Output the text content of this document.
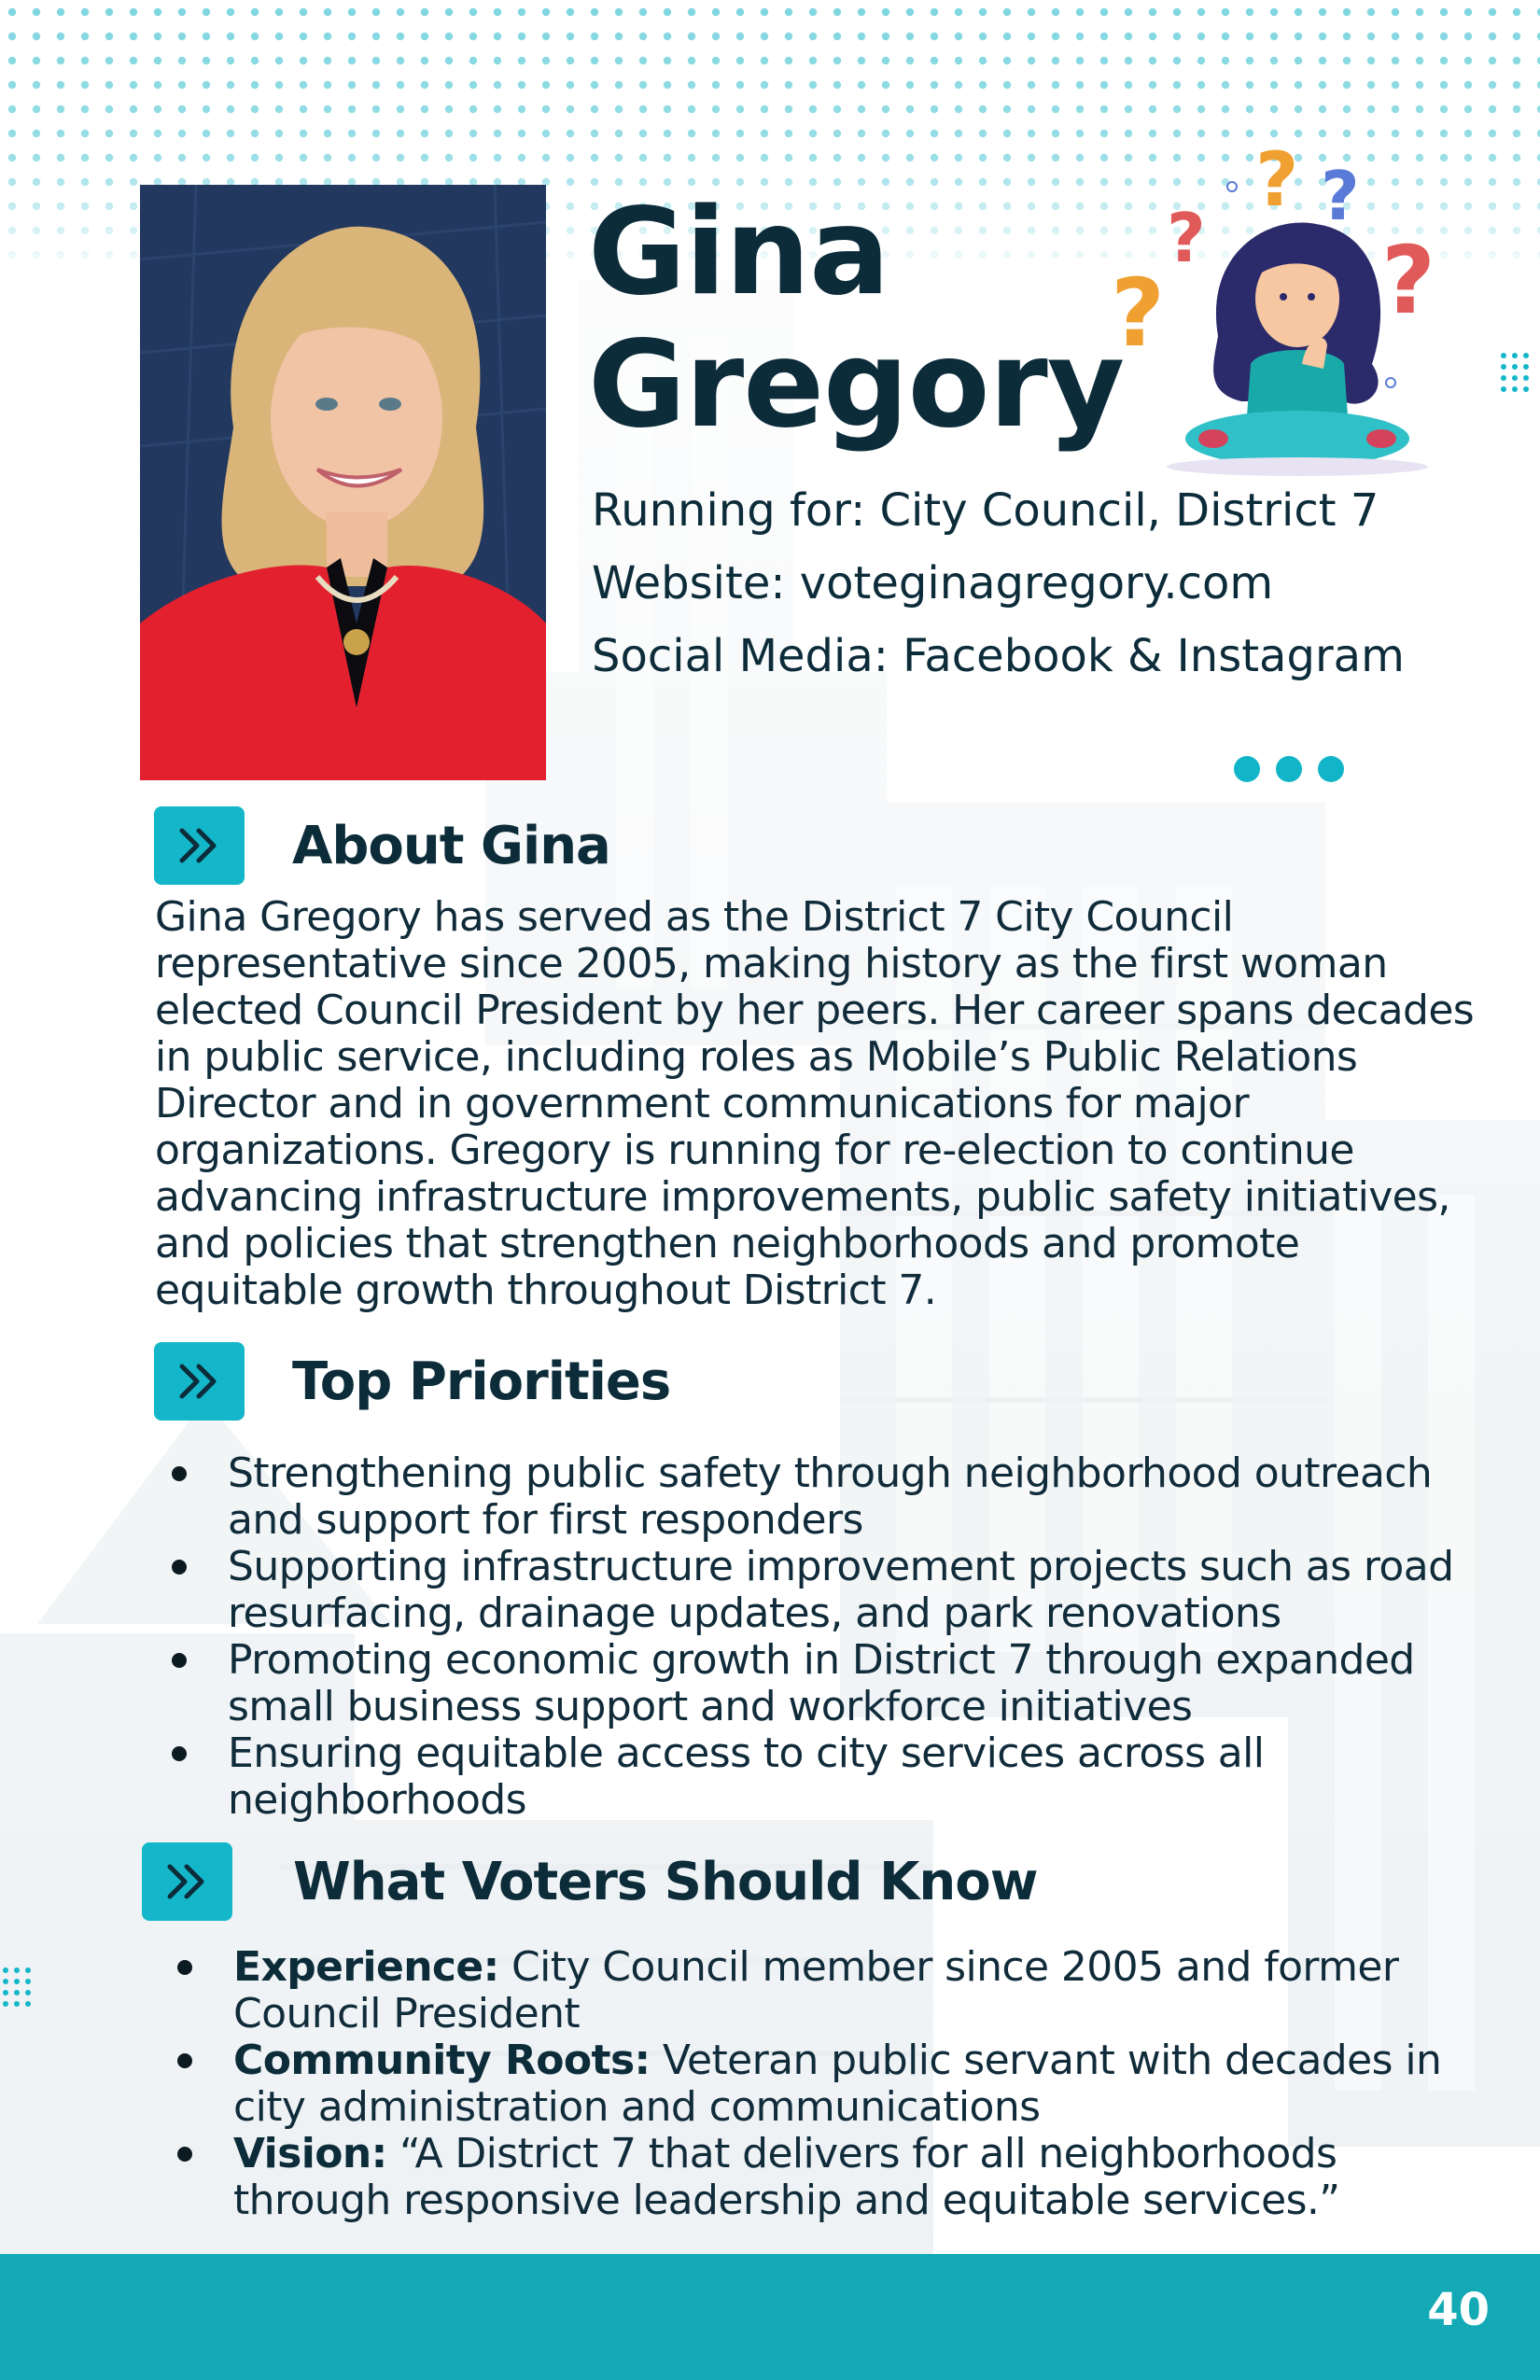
Gina
Gregory
Running for: City Council, District 7
Website: voteginagregory.com
Social Media: Facebook & Instagram
? ?
?
? ?
About Gina
Gina Gregory has served as the District 7 City Council
representative since 2005, making history as the first woman
elected Council President by her peers. Her career spans decades
in public service, including roles as Mobile’s Public Relations
Director and in government communications for major
organizations. Gregory is running for re-election to continue
advancing infrastructure improvements, public safety initiatives,
and policies that strengthen neighborhoods and promote
equitable growth throughout District 7.
Top Priorities
Strengthening public safety through neighborhood outreach
and support for first responders
Supporting infrastructure improvement projects such as road
resurfacing, drainage updates, and park renovations
Promoting economic growth in District 7 through expanded
small business support and workforce initiatives
Ensuring equitable access to city services across all
neighborhoods
What Voters Should Know
Experience: City Council member since 2005 and former
Council President
Community Roots: Veteran public servant with decades in
city administration and communications
Vision: “A District 7 that delivers for all neighborhoods
through responsive leadership and equitable services.”
40
